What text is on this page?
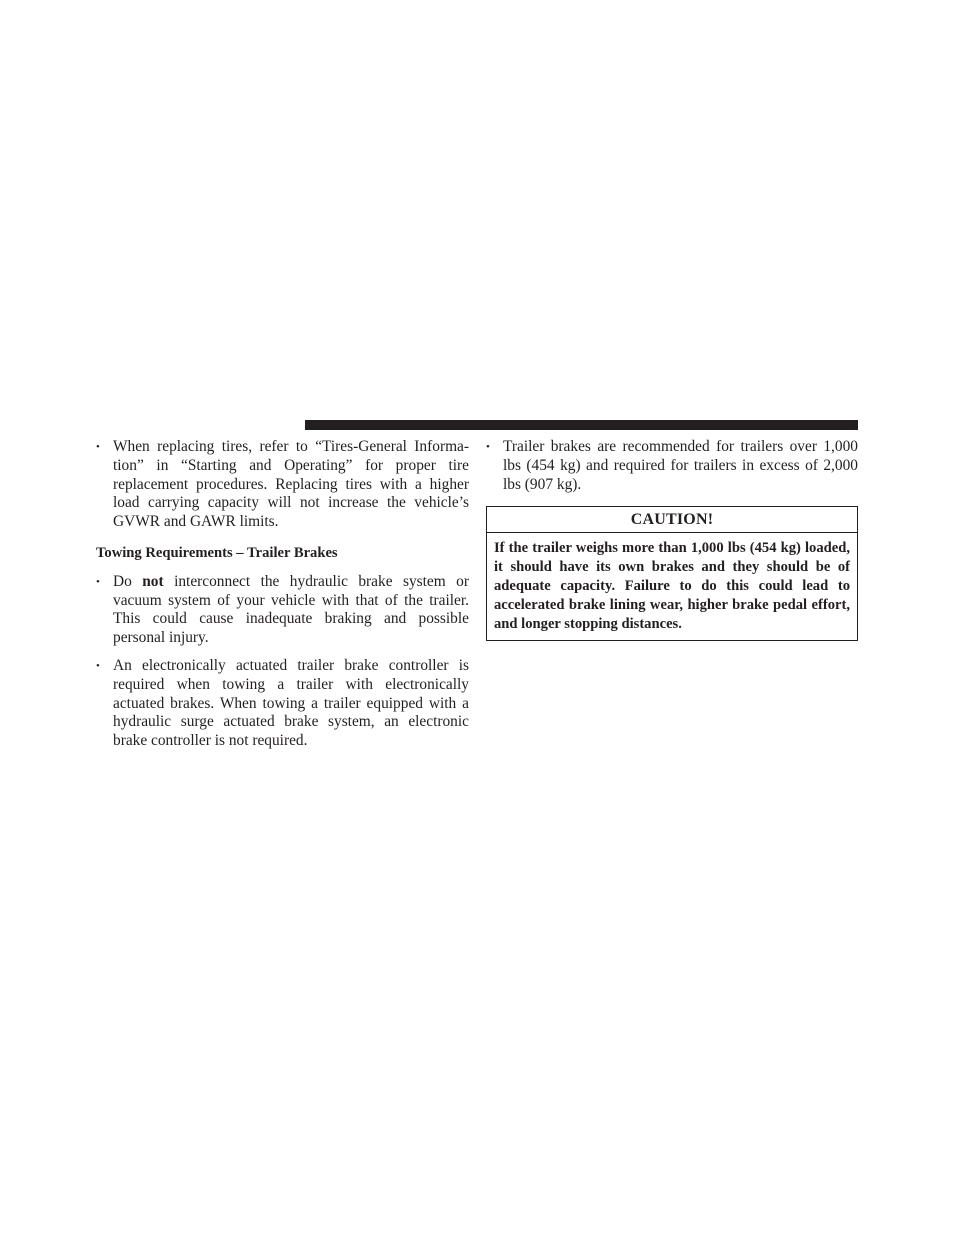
• When replacing tires, refer to “Tires-General Informa- tion” in “Starting and Operating” for proper tire replacement procedures. Replacing tires with a higher load carrying capacity will not increase the vehicle’s GVWR and GAWR limits.

Towing Requirements – Trailer Brakes
• Do not interconnect the hydraulic brake system or vacuum system of your vehicle with that of the trailer. This could cause inadequate braking and possible personal injury.

• An electronically actuated trailer brake controller is required when towing a trailer with electronically actuated brakes. When towing a trailer equipped with a hydraulic surge actuated brake system, an electronic brake controller is not required.

• Trailer brakes are recommended for trailers over 1,000 lbs (454 kg) and required for trailers in excess of 2,000 lbs (907 kg).

CAUTION!
If the trailer weighs more than 1,000 lbs (454 kg) loaded, it should have its own brakes and they should be of adequate capacity. Failure to do this could lead to accelerated brake lining wear, higher brake pedal effort, and longer stopping distances.
